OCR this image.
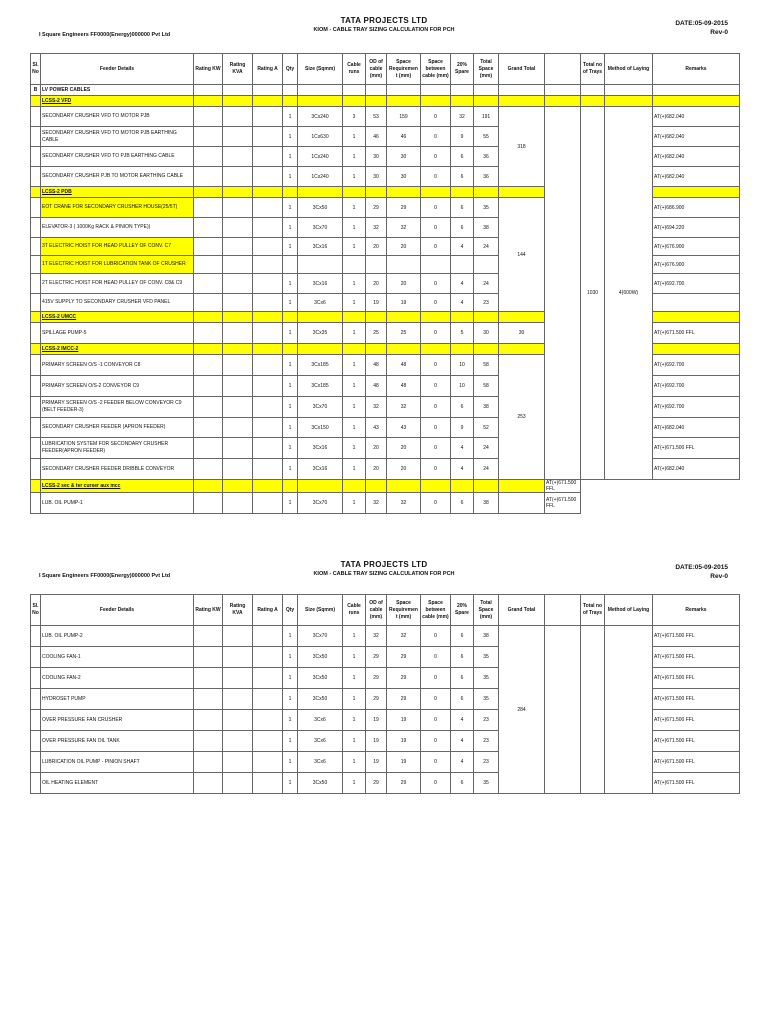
TATA PROJECTS LTD
KIOM - CABLE TRAY SIZING CALCULATION FOR PCH
I Square Engineers FF0000(Energy)000000 Pvt Ltd
DATE:05-09-2015
Rev-0
Sl. No	Feeder Details	Rating KW	Rating KVA	Rating A	Qty	Size (Sqmm)	Cable runs	OD of cable (mm)	Space Requiremen t (mm)	Space between cable (mm)	20% Spare	Total Space (mm)	Grand Total		Total no of Trays	Method of Laying	Remarks
B	LV POWER CABLES																
	LCSS-2 VFD																
	SECONDARY CRUSHER VFD TO MOTOR PJB				1	3Cx240	3	53	159	0	32	191	318		1030	4(600W)	AT(+)682.040
	SECONDARY CRUSHER VFD TO MOTOR PJB EARTHING CABLE				1	1Cx630	1	46	46	0	9	55					AT(+)682.040
	SECONDARY CRUSHER VFD TO PJB EARTHING CABLE				1	1Cx240	1	30	30	0	6	36					AT(+)682.040
	SECONDARY CRUSHER PJB TO MOTOR EARTHING CABLE				1	1Cx240	1	30	30	0	6	36					AT(+)682.040
	LCSS-2 PDB																
	EOT CRANE FOR SECONDARY CRUSHER HOUSE(25/5T)				1	3Cx50	1	29	29	0	6	35	144				AT(+)686.900
	ELEVATOR-3 ( 1000Kg RACK & PINION TYPE))				1	3Cx70	1	32	32	0	6	38					AT(+)694.220
	3T ELECTRIC HOIST FOR HEAD PULLEY OF CONV. C7				1	3Cx16	1	20	20	0	4	24					AT(+)676.900
	1T ELECTRIC HOIST FOR LUBRICATION TANK OF CRUSHER																AT(+)676.900
	2T ELECTRIC HOIST FOR HEAD PULLEY OF CONV. C8& C9				1	3Cx16	1	20	20	0	4	24					AT(+)692.700
	415V SUPPLY TO SECONDARY CRUSHER VFD PANEL				1	3Cx6	1	19	19	0	4	23					
	LCSS-2 UMCC																
	SPILLAGE PUMP-5				1	3Cx35	1	25	25	0	5	30	30				AT(+)671.500 FFL
	LCSS-2 IMCC-2																
	PRIMARY SCREEN O/S -1 CONVEYOR C8				1	3Cx185	1	48	48	0	10	58	253				AT(+)692.700
	PRIMARY SCREEN O/S-2 CONVEYOR C9				1	3Cx185	1	48	48	0	10	58					AT(+)692.700
	PRIMARY SCREEN O/S -2 FEEDER BELOW CONVEYOR C9 (BELT FEEDER-3)				1	3Cx70	1	32	32	0	6	38					AT(+)692.700
	SECONDARY CRUSHER FEEDER (APRON FEEDER)				1	3Cx150	1	43	43	0	9	52					AT(+)682.040
	LUBRICATION SYSTEM FOR SECONDARY CRUSHER FEEDER(APRON FEEDER)				1	3Cx16	1	20	20	0	4	24					AT(+)671.500 FFL
	SECONDARY CRUSHER FEEDER DRIBBLE CONVEYOR				1	3Cx16	1	20	20	0	4	24					AT(+)682.040
	LCSS-2 sec & ter curser aux mcc													AT(+)671.500 FFL			
	LUB. OIL PUMP-1				1	3Cx70	1	32	32	0	6	38		AT(+)671.500 FFL			
TATA PROJECTS LTD
KIOM - CABLE TRAY SIZING CALCULATION FOR PCH
I Square Engineers FF0000(Energy)000000 Pvt Ltd
DATE:05-09-2015
Rev-0
Sl. No	Feeder Details	Rating KW	Rating KVA	Rating A	Qty	Size (Sqmm)	Cable runs	OD of cable (mm)	Space Requiremen t (mm)	Space between cable (mm)	20% Spare	Total Space (mm)	Grand Total		Total no of Trays	Method of Laying	Remarks
	LUB. OIL PUMP-2				1	3Cx70	1	32	32	0	6	38	284				AT(+)671.500 FFL
	COOLING FAN-1				1	3Cx50	1	29	29	0	6	35					AT(+)671.500 FFL
	COOLING FAN-2				1	3Cx50	1	29	29	0	6	35					AT(+)671.500 FFL
	HYDROSET PUMP				1	3Cx50	1	29	29	0	6	35					AT(+)671.500 FFL
	OVER PRESSURE FAN CRUSHER				1	3Cx6	1	19	19	0	4	23					AT(+)671.500 FFL
	OVER PRESSURE FAN OIL TANK				1	3Cx6	1	19	19	0	4	23					AT(+)671.500 FFL
	LUBRICATION OIL PUMP - PINION SHAFT				1	3Cx6	1	19	19	0	4	23					AT(+)671.500 FFL
	OIL HEATING ELEMENT				1	3Cx50	1	29	29	0	6	35					AT(+)671.500 FFL
